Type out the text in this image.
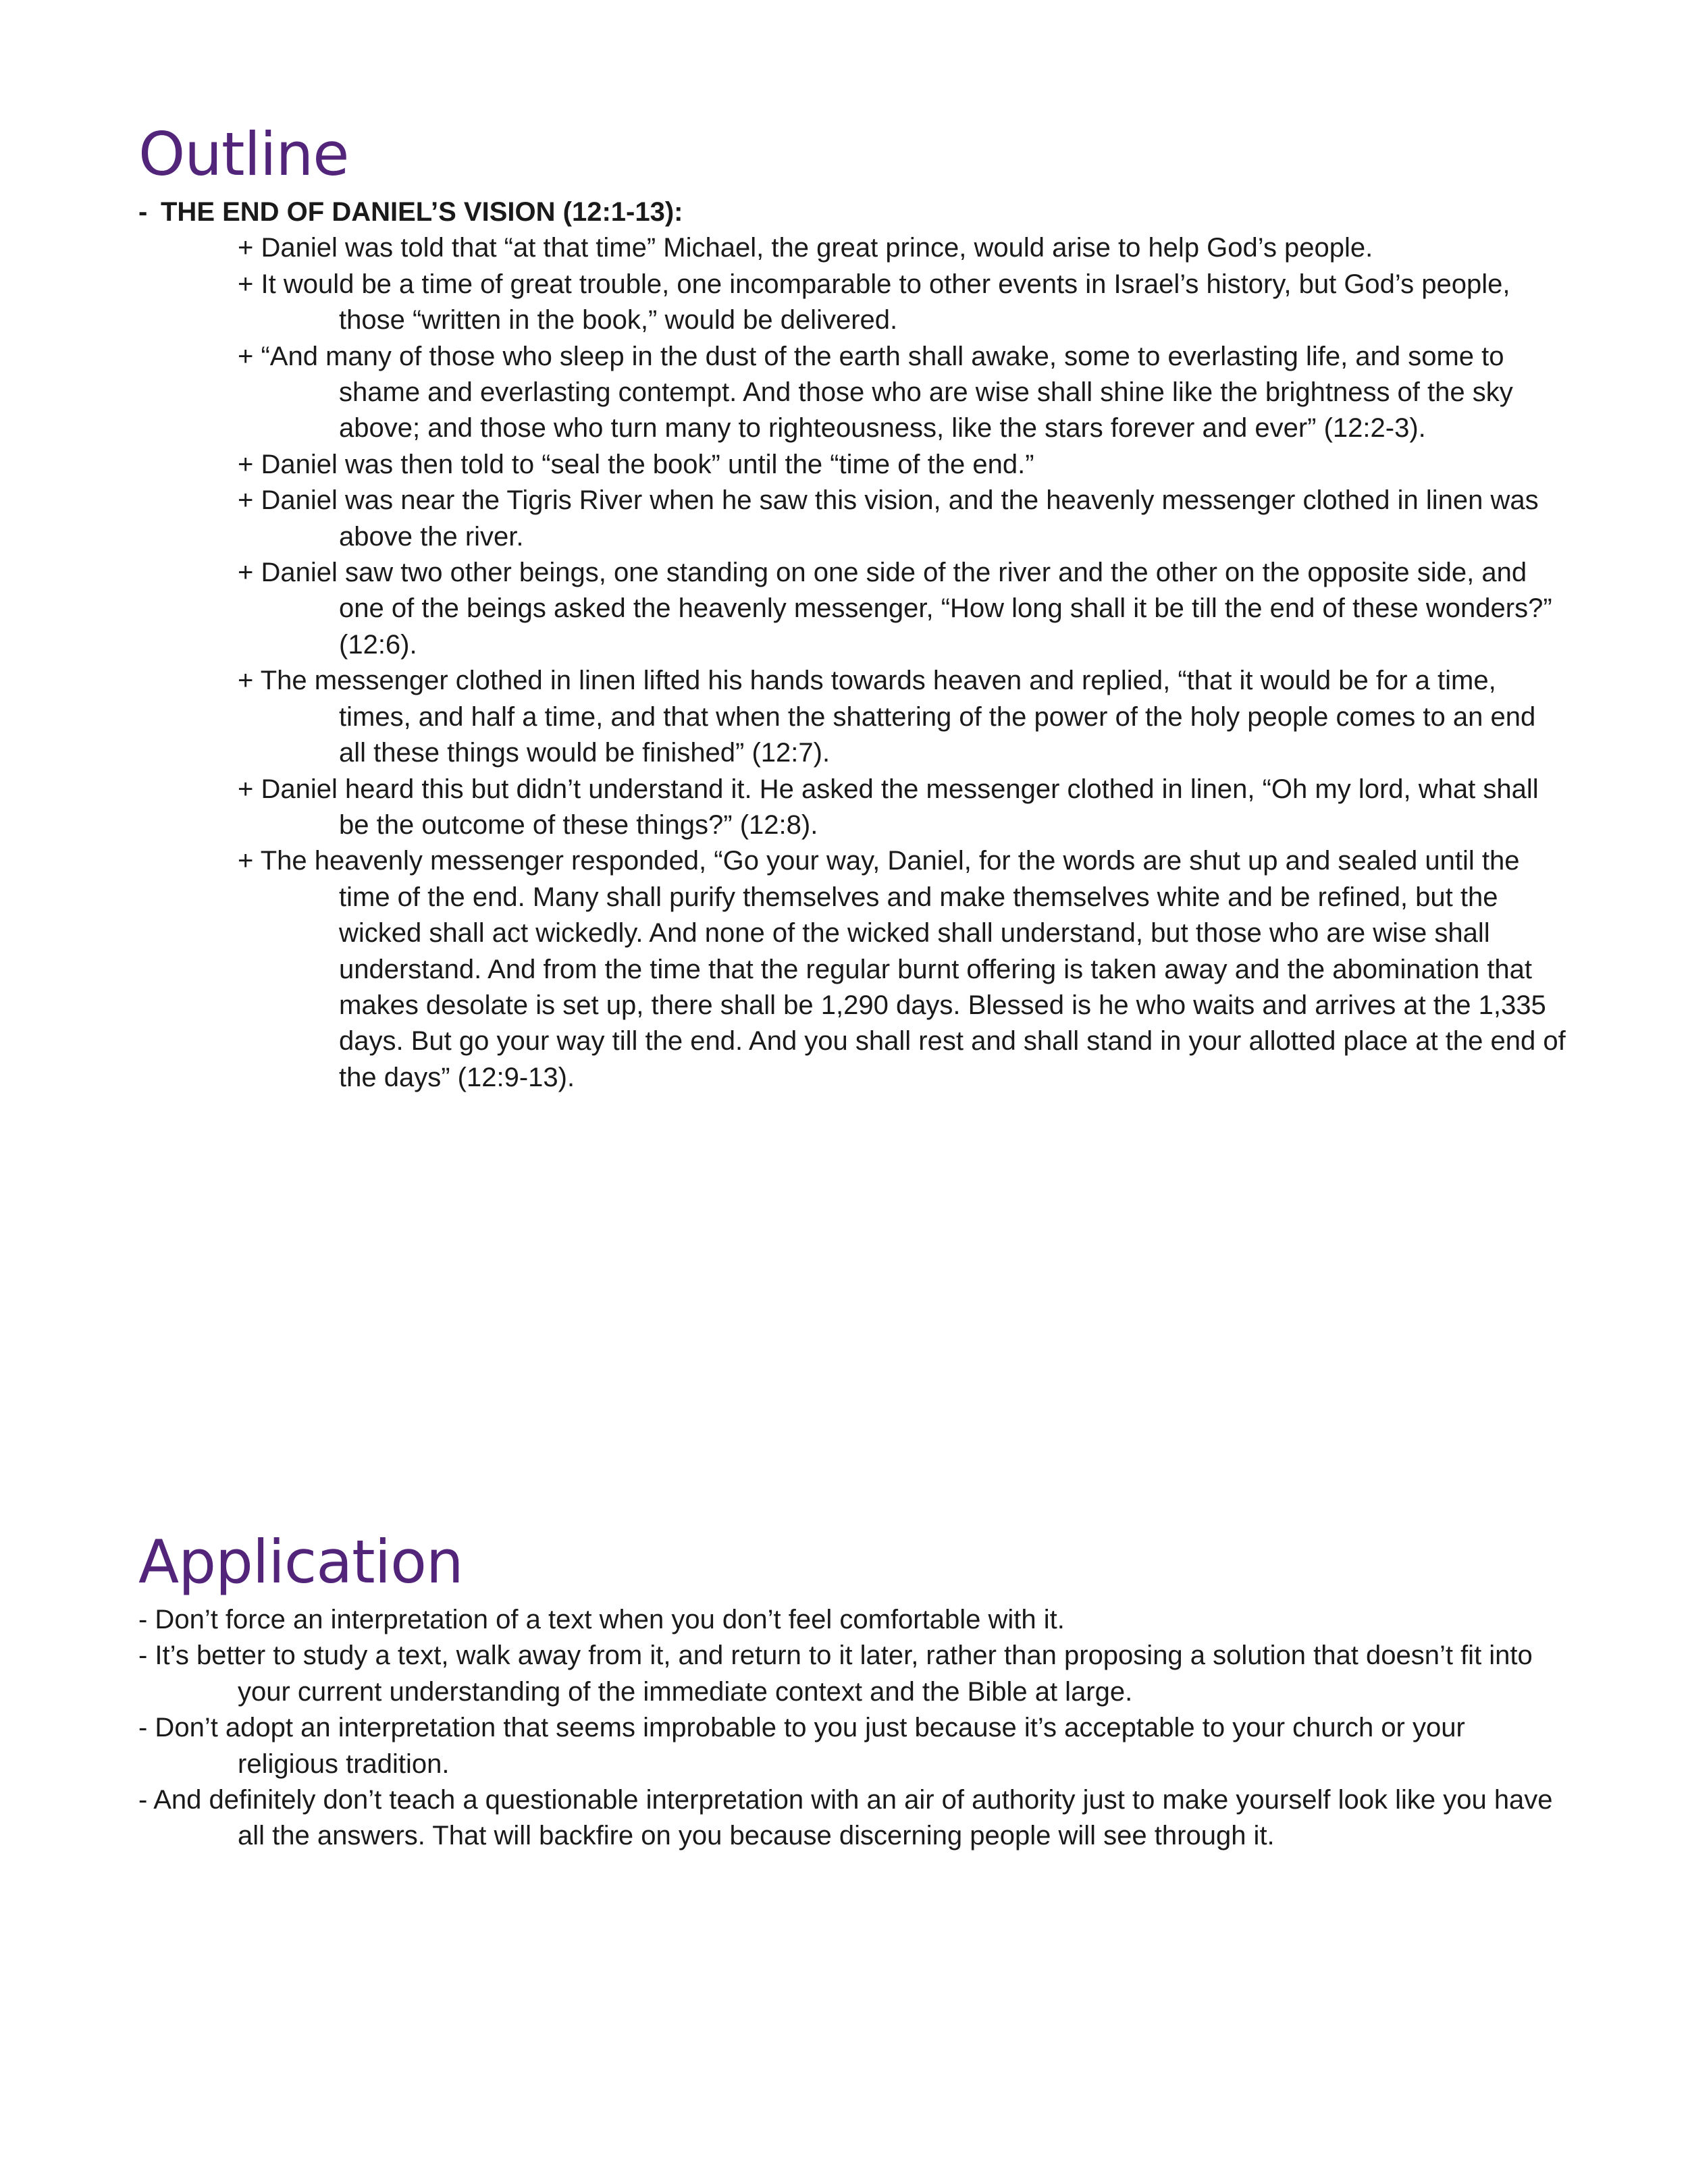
Outline
- THE END OF DANIEL’S VISION (12:1-13):
+ Daniel was told that “at that time” Michael, the great prince, would arise to help God’s people.
+ It would be a time of great trouble, one incomparable to other events in Israel’s history, but God’s people, those “written in the book,” would be delivered.
+ “And many of those who sleep in the dust of the earth shall awake, some to everlasting life, and some to shame and everlasting contempt. And those who are wise shall shine like the brightness of the sky above; and those who turn many to righteousness, like the stars forever and ever” (12:2-3).
+ Daniel was then told to “seal the book” until the “time of the end.”
+ Daniel was near the Tigris River when he saw this vision, and the heavenly messenger clothed in linen was above the river.
+ Daniel saw two other beings, one standing on one side of the river and the other on the opposite side, and one of the beings asked the heavenly messenger, “How long shall it be till the end of these wonders?” (12:6).
+ The messenger clothed in linen lifted his hands towards heaven and replied, “that it would be for a time, times, and half a time, and that when the shattering of the power of the holy people comes to an end all these things would be finished” (12:7).
+ Daniel heard this but didn’t understand it. He asked the messenger clothed in linen, “Oh my lord, what shall be the outcome of these things?” (12:8).
+ The heavenly messenger responded, “Go your way, Daniel, for the words are shut up and sealed until the time of the end. Many shall purify themselves and make themselves white and be refined, but the wicked shall act wickedly. And none of the wicked shall understand, but those who are wise shall understand. And from the time that the regular burnt offering is taken away and the abomination that makes desolate is set up, there shall be 1,290 days. Blessed is he who waits and arrives at the 1,335 days. But go your way till the end. And you shall rest and shall stand in your allotted place at the end of the days” (12:9-13).
Application
- Don’t force an interpretation of a text when you don’t feel comfortable with it.
- It’s better to study a text, walk away from it, and return to it later, rather than proposing a solution that doesn’t fit into your current understanding of the immediate context and the Bible at large.
- Don’t adopt an interpretation that seems improbable to you just because it’s acceptable to your church or your religious tradition.
- And definitely don’t teach a questionable interpretation with an air of authority just to make yourself look like you have all the answers. That will backfire on you because discerning people will see through it.
